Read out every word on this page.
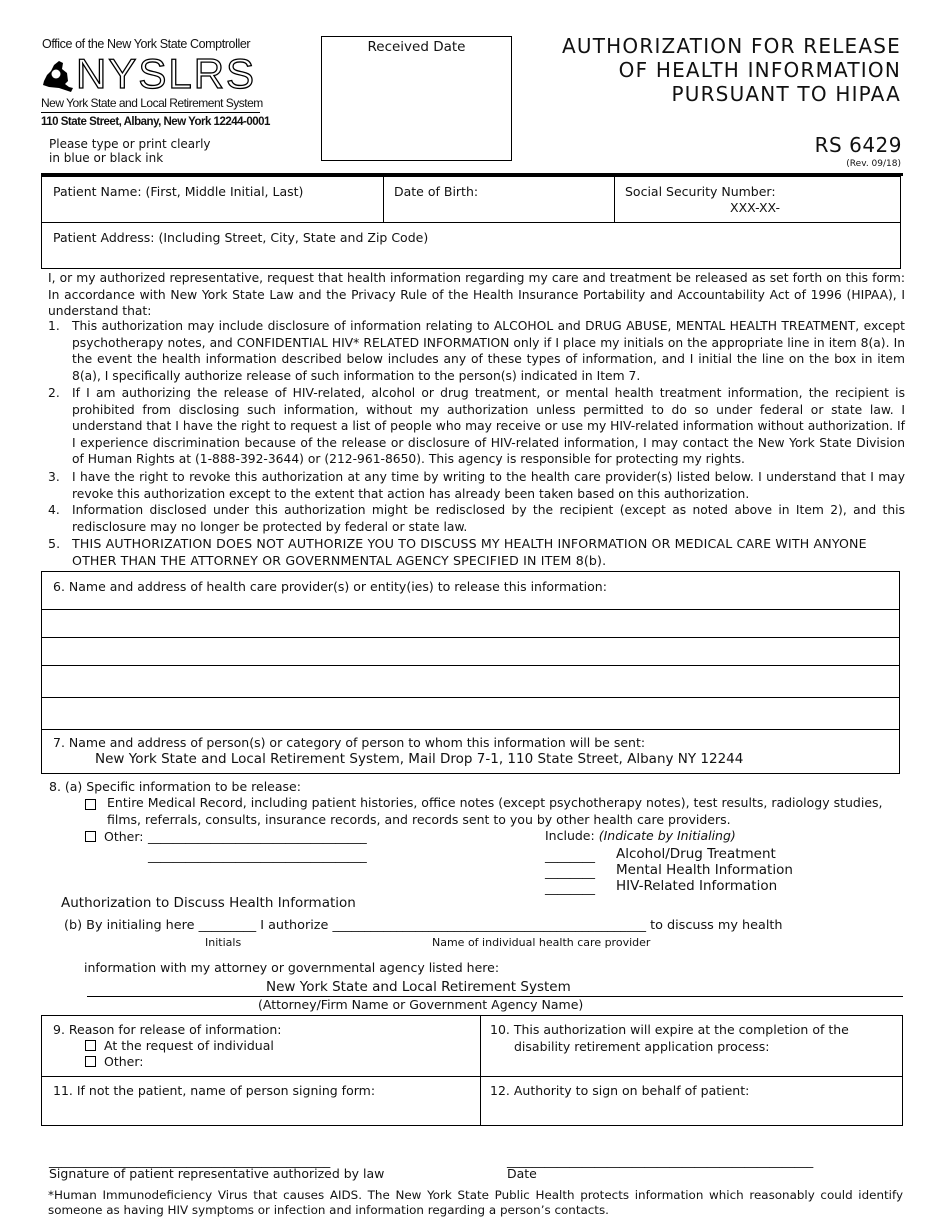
Office of the New York State Comptroller
NYSLRS
New York State and Local Retirement System
110 State Street, Albany, New York 12244-0001
Please type or print clearly
in blue or black ink
Received Date	AUTHORIZATION FOR RELEASE
OF HEALTH INFORMATION
PURSUANT TO HIPAA
RS 6429
(Rev. 09/18)
Patient Name: (First, Middle Initial, Last)	Date of Birth:	Social Security Number:
XXX-XX-
Patient Address: (Including Street, City, State and Zip Code)
I, or my authorized representative, request that health information regarding my care and treatment be released as set forth on this form: In accordance with New York State Law and the Privacy Rule of the Health Insurance Portability and Accountability Act of 1996 (HIPAA), I understand that:
1. This authorization may include disclosure of information relating to ALCOHOL and DRUG ABUSE, MENTAL HEALTH TREATMENT, except psychotherapy notes, and CONFIDENTIAL HIV* RELATED INFORMATION only if I place my initials on the appropriate line in item 8(a). In the event the health information described below includes any of these types of information, and I initial the line on the box in item 8(a), I specifically authorize release of such information to the person(s) indicated in Item 7.
2. If I am authorizing the release of HIV-related, alcohol or drug treatment, or mental health treatment information, the recipient is prohibited from disclosing such information, without my authorization unless permitted to do so under federal or state law. I understand that I have the right to request a list of people who may receive or use my HIV-related information without authorization. If I experience discrimination because of the release or disclosure of HIV-related information, I may contact the New York State Division of Human Rights at (1-888-392-3644) or (212-961-8650). This agency is responsible for protecting my rights.
3. I have the right to revoke this authorization at any time by writing to the health care provider(s) listed below. I understand that I may revoke this authorization except to the extent that action has already been taken based on this authorization.
4. Information disclosed under this authorization might be redisclosed by the recipient (except as noted above in Item 2), and this redisclosure may no longer be protected by federal or state law.
5. THIS AUTHORIZATION DOES NOT AUTHORIZE YOU TO DISCUSS MY HEALTH INFORMATION OR MEDICAL CARE WITH ANYONE OTHER THAN THE ATTORNEY OR GOVERNMENTAL AGENCY SPECIFIED IN ITEM 8(b).
6. Name and address of health care provider(s) or entity(ies) to release this information:
7. Name and address of person(s) or category of person to whom this information will be sent:
New York State and Local Retirement System, Mail Drop 7-1, 110 State Street, Albany NY 12244
8. (a) Specific information to be release:
Entire Medical Record, including patient histories, office notes (except psychotherapy notes), test results, radiology studies, films, referrals, consults, insurance records, and records sent to you by other health care providers.
Other: ___________________________________
___________________________________
Include: (Indicate by Initialing)
________ Alcohol/Drug Treatment
________ Mental Health Information
________ HIV-Related Information
Authorization to Discuss Health Information
(b) By initialing here _________ I authorize _________________________________________________ to discuss my health
Initials	Name of individual health care provider
information with my attorney or governmental agency listed here:
New York State and Local Retirement System
(Attorney/Firm Name or Government Agency Name)
9. Reason for release of information:
At the request of individual
Other:
10. This authorization will expire at the completion of the
disability retirement application process:
11. If not the patient, name of person signing form:	12. Authority to sign on behalf of patient:
_____________________________________________
Signature of patient representative authorized by law
_________________________________________________
Date
*Human Immunodeficiency Virus that causes AIDS. The New York State Public Health protects information which reasonably could identify someone as having HIV symptoms or infection and information regarding a person’s contacts.
